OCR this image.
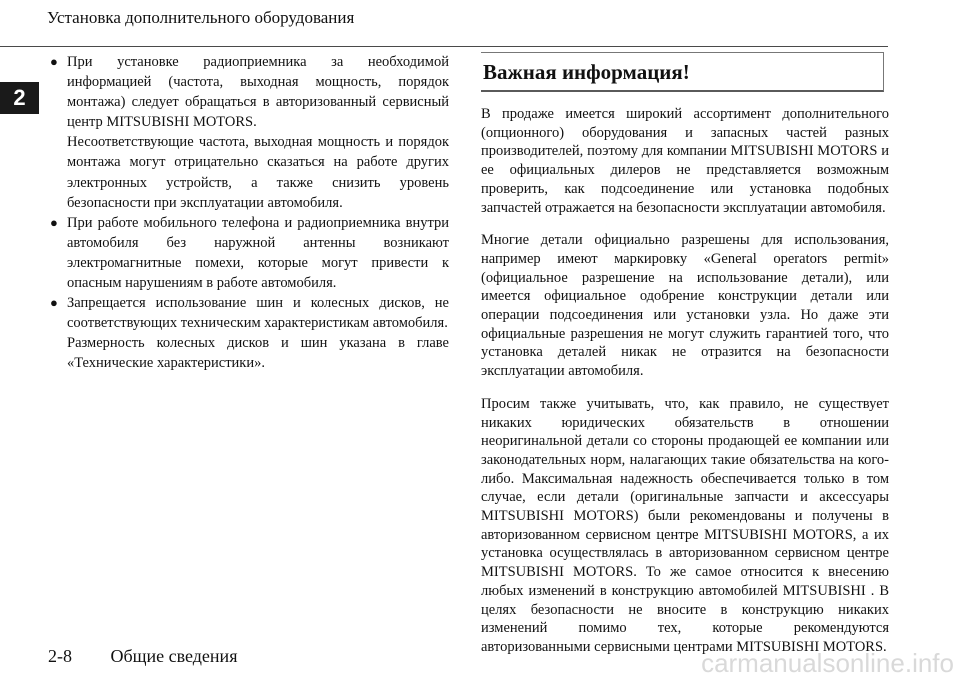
Установка дополнительного оборудования
2
● При установке радиоприемника за необходимой информацией (частота, выходная мощность, порядок монтажа) следует обращаться в авторизованный сервисный центр MITSUBISHI MOTORS.
Несоответствующие частота, выходная мощность и порядок монтажа могут отрицательно сказаться на работе других электронных устройств, а также снизить уровень безопасности при эксплуатации автомобиля.
● При работе мобильного телефона и радиоприемника внутри автомобиля без наружной антенны возникают электромагнитные помехи, которые могут привести к опасным нарушениям в работе автомобиля.
● Запрещается использование шин и колесных дисков, не соответствующих техническим характеристикам автомобиля.
Размерность колесных дисков и шин указана в главе «Технические характеристики».
Важная информация!

В продаже имеется широкий ассортимент дополнительного (опционного) оборудования и запасных частей разных производителей, поэтому для компании MITSUBISHI MOTORS и ее официальных дилеров не представляется возможным проверить, как подсоединение или установка подобных запчастей отражается на безопасности эксплуатации автомобиля.

Многие детали официально разрешены для использования, например имеют маркировку «General operators permit» (официальное разрешение на использование детали), или имеется официальное одобрение конструкции детали или операции подсоединения или установки узла. Но даже эти официальные разрешения не могут служить гарантией того, что установка деталей никак не отразится на безопасности эксплуатации автомобиля.

Просим также учитывать, что, как правило, не существует никаких юридических обязательств в отношении неоригинальной детали со стороны продающей ее компании или законодательных норм, налагающих такие обязательства на кого-либо. Максимальная надежность обеспечивается только в том случае, если детали (оригинальные запчасти и аксессуары MITSUBISHI MOTORS) были рекомендованы и получены в авторизованном сервисном центре MITSUBISHI MOTORS, а их установка осуществлялась в авторизованном сервисном центре MITSUBISHI MOTORS. То же самое относится к внесению любых изменений в конструкцию автомобилей MITSUBISHI . В целях безопасности не вносите в конструкцию никаких изменений помимо тех, которые рекомендуются авторизованными сервисными центрами MITSUBISHI MOTORS.

2-8 Общие сведения	carmanualsonline.info
